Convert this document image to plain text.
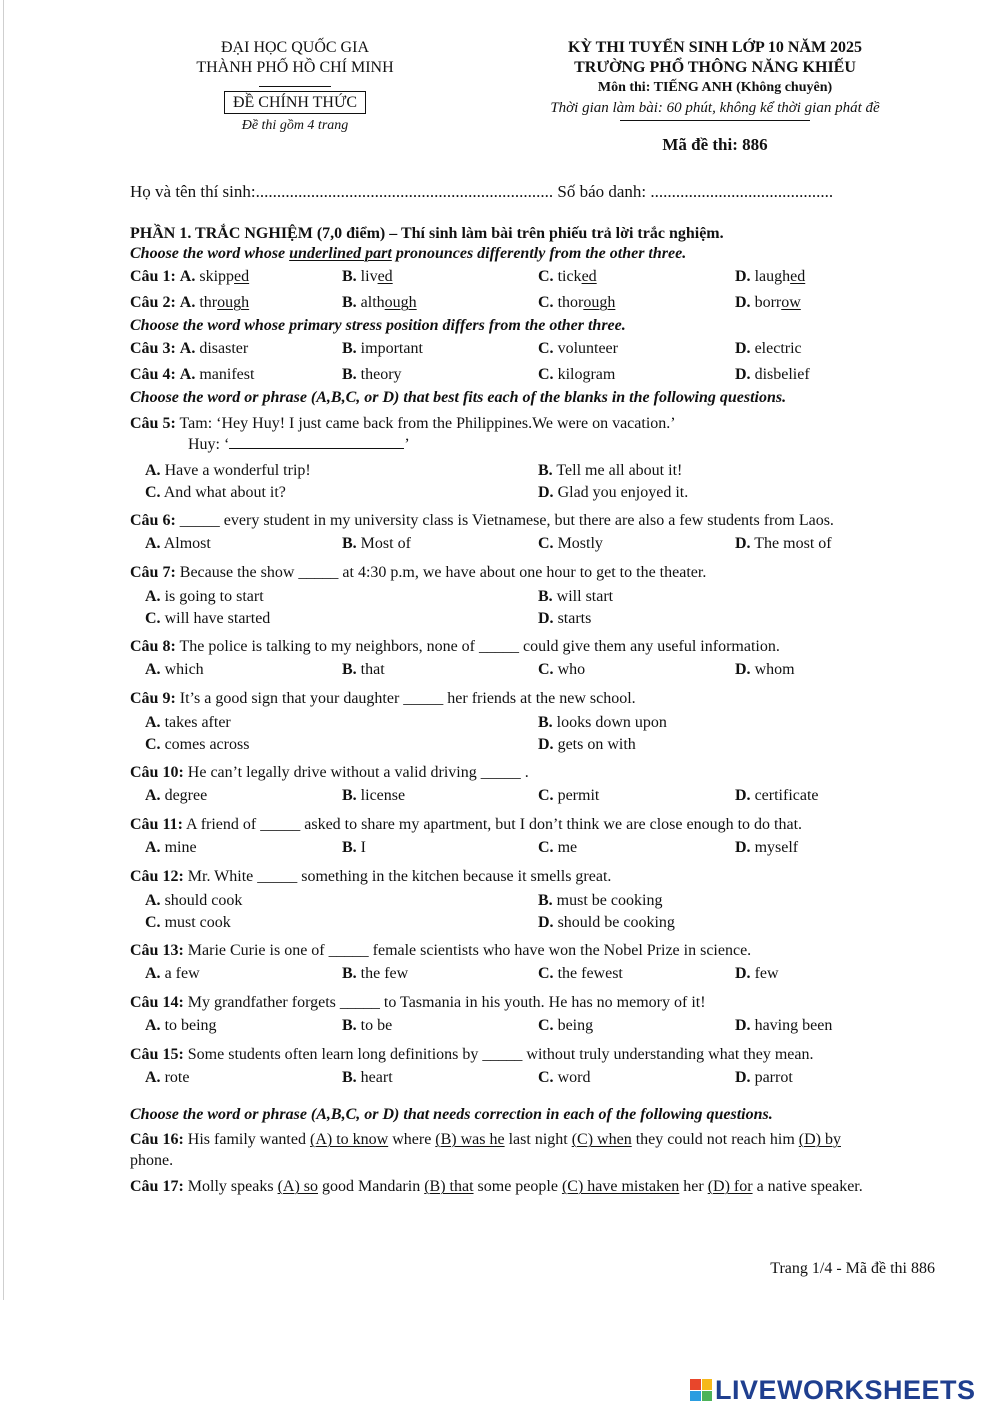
ĐẠI HỌC QUỐC GIA
THÀNH PHỐ HỒ CHÍ MINH
ĐỀ CHÍNH THỨC
Đề thi gồm 4 trang
KỲ THI TUYỂN SINH LỚP 10 NĂM 2025
TRƯỜNG PHỔ THÔNG NĂNG KHIẾU
Môn thi: TIẾNG ANH (Không chuyên)
Thời gian làm bài: 60 phút, không kể thời gian phát đề
Mã đề thi: 886
Họ và tên thí sinh:...................................................................... Số báo danh: ...........................................
PHẦN 1. TRẮC NGHIỆM (7,0 điểm) – Thí sinh làm bài trên phiếu trả lời trắc nghiệm.
Choose the word whose underlined part pronounces differently from the other three.
Câu 1: A. skipped	B. lived	C. ticked	D. laughed
Câu 2: A. through	B. although	C. thorough	D. borrow
Choose the word whose primary stress position differs from the other three.
Câu 3: A. disaster	B. important	C. volunteer	D. electric
Câu 4: A. manifest	B. theory	C. kilogram	D. disbelief
Choose the word or phrase (A,B,C, or D) that best fits each of the blanks in the following questions.
Câu 5: Tam: ‘Hey Huy! I just came back from the Philippines.We were on vacation.’
Huy: ‘	’
A. Have a wonderful trip!	B. Tell me all about it!
C. And what about it?	D. Glad you enjoyed it.
Câu 6: _____ every student in my university class is Vietnamese, but there are also a few students from Laos.
A. Almost	B. Most of	C. Mostly	D. The most of
Câu 7: Because the show _____ at 4:30 p.m, we have about one hour to get to the theater.
A. is going to start	B. will start
C. will have started	D. starts
Câu 8: The police is talking to my neighbors, none of _____ could give them any useful information.
A. which	B. that	C. who	D. whom
Câu 9: It’s a good sign that your daughter _____ her friends at the new school.
A. takes after	B. looks down upon
C. comes across	D. gets on with
Câu 10: He can’t legally drive without a valid driving _____ .
A. degree	B. license	C. permit	D. certificate
Câu 11: A friend of _____ asked to share my apartment, but I don’t think we are close enough to do that.
A. mine	B. I	C. me	D. myself
Câu 12: Mr. White _____ something in the kitchen because it smells great.
A. should cook	B. must be cooking
C. must cook	D. should be cooking
Câu 13: Marie Curie is one of _____ female scientists who have won the Nobel Prize in science.
A. a few	B. the few	C. the fewest	D. few
Câu 14: My grandfather forgets _____ to Tasmania in his youth. He has no memory of it!
A. to being	B. to be	C. being	D. having been
Câu 15: Some students often learn long definitions by _____ without truly understanding what they mean.
A. rote	B. heart	C. word	D. parrot
Choose the word or phrase (A,B,C, or D) that needs correction in each of the following questions.
Câu 16: His family wanted (A) to know where (B) was he last night (C) when they could not reach him (D) by
phone.
Câu 17: Molly speaks (A) so good Mandarin (B) that some people (C) have mistaken her (D) for a native speaker.
Trang 1/4 - Mã đề thi 886
LIVEWORKSHEETS
